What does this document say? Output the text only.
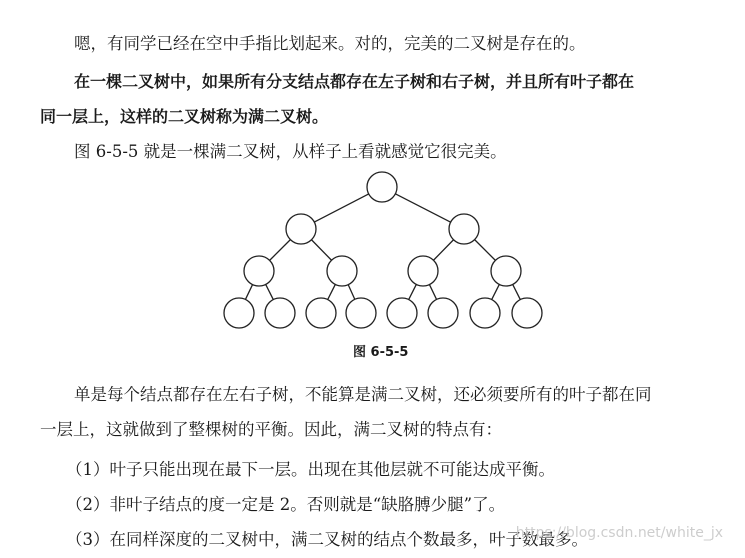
嗯，有同学已经在空中手指比划起来。对的，完美的二叉树是存在的。
在一棵二叉树中，如果所有分支结点都存在左子树和右子树，并且所有叶子都在
同一层上，这样的二叉树称为满二叉树。
图 6-5-5 就是一棵满二叉树，从样子上看就感觉它很完美。
图 6-5-5
单是每个结点都存在左右子树，不能算是满二叉树，还必须要所有的叶子都在同
一层上，这就做到了整棵树的平衡。因此，满二叉树的特点有：
（1）叶子只能出现在最下一层。出现在其他层就不可能达成平衡。
（2）非叶子结点的度一定是 2。否则就是“缺胳膊少腿”了。
（3）在同样深度的二叉树中，满二叉树的结点个数最多，叶子数最多。
https://blog.csdn.net/white_jx
